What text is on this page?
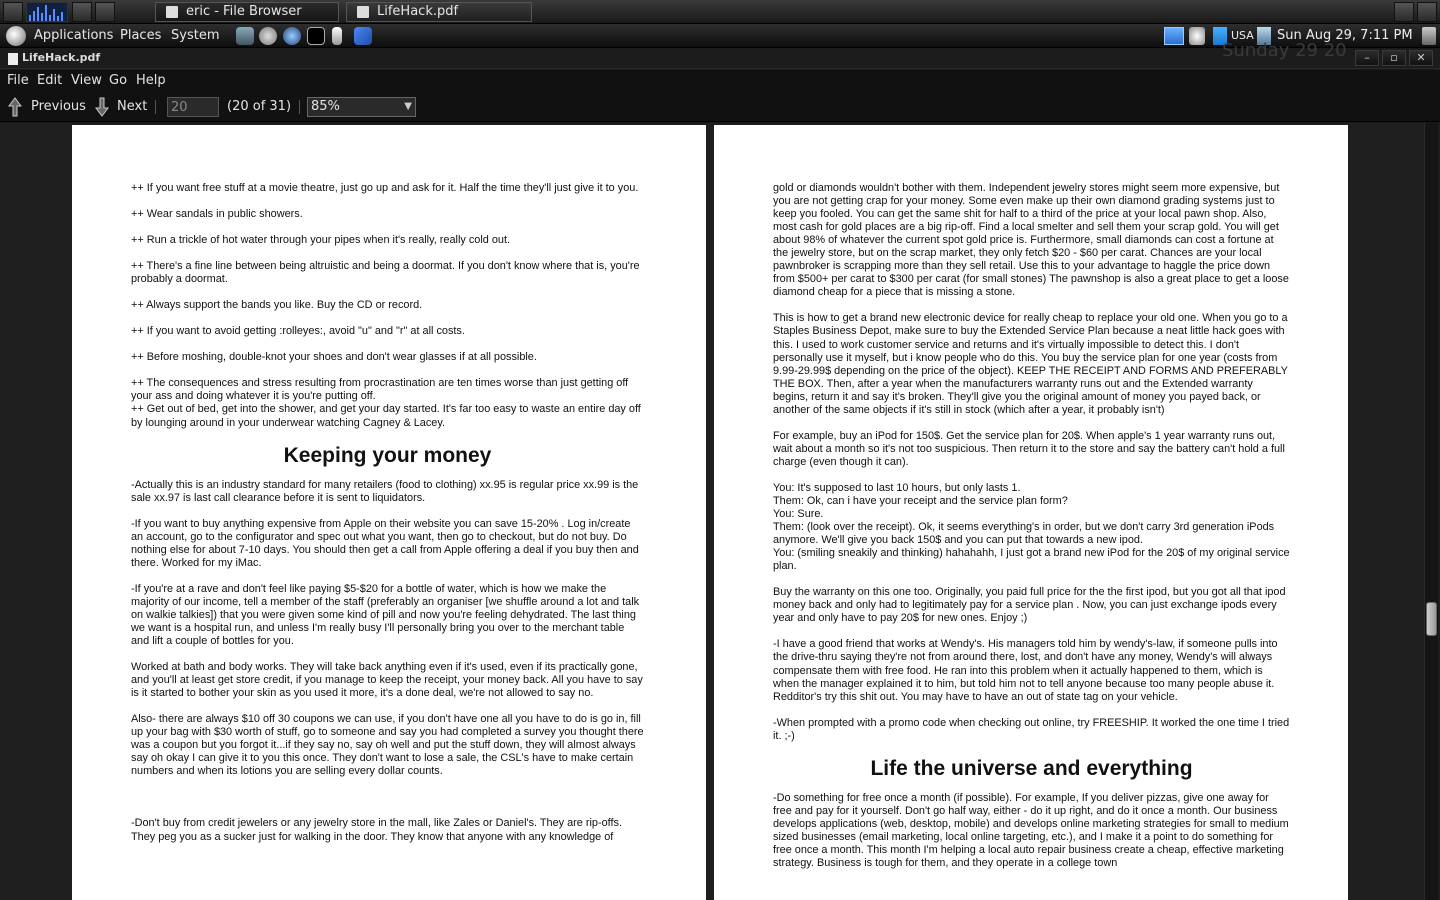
eric - File Browser	LifeHack.pdf
Applications Places System	USA Sun Aug 29, 7:11 PM
LifeHack.pdf	–	▫	✕
Sunday 29 20
File Edit View Go Help
Previous Next
20	(20 of 31)	85%	▼
++ If you want free stuff at a movie theatre, just go up and ask for it. Half the time they'll just give it to you.
++ Wear sandals in public showers.
++ Run a trickle of hot water through your pipes when it's really, really cold out.
++ There's a fine line between being altruistic and being a doormat. If you don't know where that is, you're probably a doormat.
++ Always support the bands you like. Buy the CD or record.
++ If you want to avoid getting :rolleyes:, avoid "u" and "r" at all costs.
++ Before moshing, double-knot your shoes and don't wear glasses if at all possible.
++ The consequences and stress resulting from procrastination are ten times worse than just getting off your ass and doing whatever it is you're putting off.
++ Get out of bed, get into the shower, and get your day started. It's far too easy to waste an entire day off by lounging around in your underwear watching Cagney & Lacey.
Keeping your money
-Actually this is an industry standard for many retailers (food to clothing) xx.95 is regular price xx.99 is the sale xx.97 is last call clearance before it is sent to liquidators.
-If you want to buy anything expensive from Apple on their website you can save 15-20% . Log in/create an account, go to the configurator and spec out what you want, then go to checkout, but do not buy. Do nothing else for about 7-10 days. You should then get a call from Apple offering a deal if you buy then and there. Worked for my iMac.
-If you're at a rave and don't feel like paying $5-$20 for a bottle of water, which is how we make the majority of our income, tell a member of the staff (preferably an organiser [we shuffle around a lot and talk on walkie talkies]) that you were given some kind of pill and now you're feeling dehydrated. The last thing we want is a hospital run, and unless I'm really busy I'll personally bring you over to the merchant table and lift a couple of bottles for you.
Worked at bath and body works. They will take back anything even if it's used, even if its practically gone, and you'll at least get store credit, if you manage to keep the receipt, your money back. All you have to say is it started to bother your skin as you used it more, it's a done deal, we're not allowed to say no.
Also- there are always $10 off 30 coupons we can use, if you don't have one all you have to do is go in, fill up your bag with $30 worth of stuff, go to someone and say you had completed a survey you thought there was a coupon but you forgot it...if they say no, say oh well and put the stuff down, they will almost always say oh okay I can give it to you this once. They don't want to lose a sale, the CSL's have to make certain numbers and when its lotions you are selling every dollar counts.
-Don't buy from credit jewelers or any jewelry store in the mall, like Zales or Daniel's. They are rip-offs. They peg you as a sucker just for walking in the door. They know that anyone with any knowledge of
gold or diamonds wouldn't bother with them. Independent jewelry stores might seem more expensive, but you are not getting crap for your money. Some even make up their own diamond grading systems just to keep you fooled. You can get the same shit for half to a third of the price at your local pawn shop. Also, most cash for gold places are a big rip-off. Find a local smelter and sell them your scrap gold. You will get about 98% of whatever the current spot gold price is. Furthermore, small diamonds can cost a fortune at the jewelry store, but on the scrap market, they only fetch $20 - $60 per carat. Chances are your local pawnbroker is scrapping more than they sell retail. Use this to your advantage to haggle the price down from $500+ per carat to $300 per carat (for small stones) The pawnshop is also a great place to get a loose diamond cheap for a piece that is missing a stone.
This is how to get a brand new electronic device for really cheap to replace your old one. When you go to a Staples Business Depot, make sure to buy the Extended Service Plan because a neat little hack goes with this. I used to work customer service and returns and it's virtually impossible to detect this. I don't personally use it myself, but i know people who do this. You buy the service plan for one year (costs from 9.99-29.99$ depending on the price of the object). KEEP THE RECEIPT AND FORMS AND PREFERABLY THE BOX. Then, after a year when the manufacturers warranty runs out and the Extended warranty begins, return it and say it's broken. They'll give you the original amount of money you payed back, or another of the same objects if it's still in stock (which after a year, it probably isn't)
For example, buy an iPod for 150$. Get the service plan for 20$. When apple's 1 year warranty runs out, wait about a month so it's not too suspicious. Then return it to the store and say the battery can't hold a full charge (even though it can).
You: It's supposed to last 10 hours, but only lasts 1.
Them: Ok, can i have your receipt and the service plan form?
You: Sure.
Them: (look over the receipt). Ok, it seems everything's in order, but we don't carry 3rd generation iPods anymore. We'll give you back 150$ and you can put that towards a new ipod.
You: (smiling sneakily and thinking) hahahahh, I just got a brand new iPod for the 20$ of my original service plan.
Buy the warranty on this one too. Originally, you paid full price for the the first ipod, but you got all that ipod money back and only had to legitimately pay for a service plan . Now, you can just exchange ipods every year and only have to pay 20$ for new ones. Enjoy ;)
-I have a good friend that works at Wendy's. His managers told him by wendy's-law, if someone pulls into the drive-thru saying they're not from around there, lost, and don't have any money, Wendy's will always compensate them with free food. He ran into this problem when it actually happened to them, which is when the manager explained it to him, but told him not to tell anyone because too many people abuse it. Redditor's try this shit out. You may have to have an out of state tag on your vehicle.
-When prompted with a promo code when checking out online, try FREESHIP. It worked the one time I tried it. ;-)
Life the universe and everything
-Do something for free once a month (if possible). For example, If you deliver pizzas, give one away for free and pay for it yourself. Don't go half way, either - do it up right, and do it once a month. Our business develops applications (web, desktop, mobile) and develops online marketing strategies for small to medium sized businesses (email marketing, local online targeting, etc.), and I make it a point to do something for free once a month. This month I'm helping a local auto repair business create a cheap, effective marketing strategy. Business is tough for them, and they operate in a college town
